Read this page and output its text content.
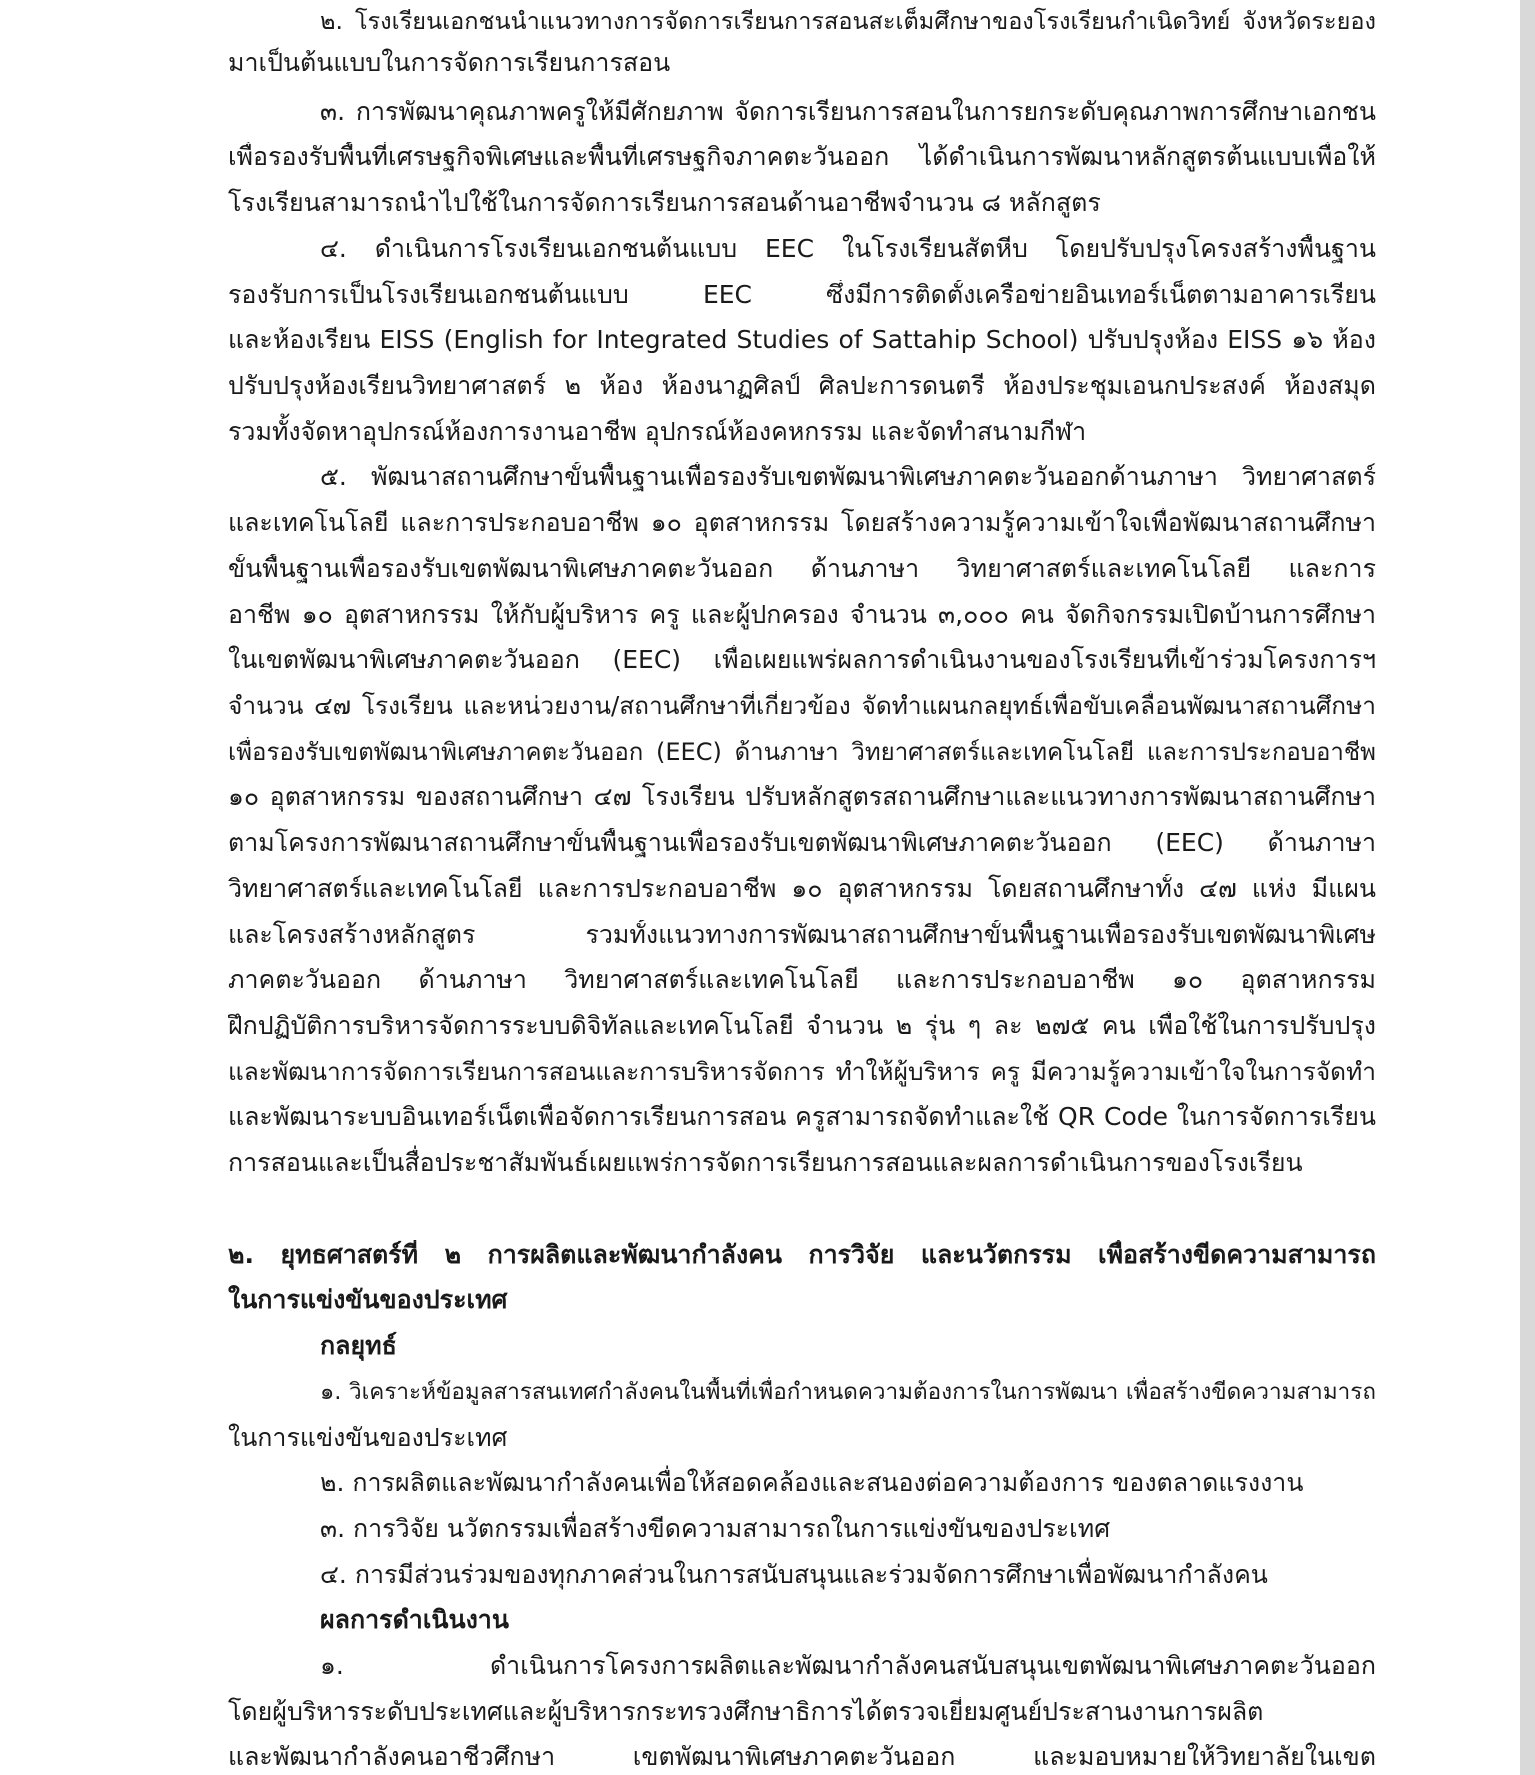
๒. โรงเรียนเอกชนนำแนวทางการจัดการเรียนการสอนสะเต็มศึกษาของโรงเรียนกำเนิดวิทย์ จังหวัดระยอง
มาเป็นต้นแบบในการจัดการเรียนการสอน
๓. การพัฒนาคุณภาพครูให้มีศักยภาพ จัดการเรียนการสอนในการยกระดับคุณภาพการศึกษาเอกชน
เพื่อรองรับพื้นที่เศรษฐกิจพิเศษและพื้นที่เศรษฐกิจภาคตะวันออก ได้ดำเนินการพัฒนาหลักสูตรต้นแบบเพื่อให้
โรงเรียนสามารถนำไปใช้ในการจัดการเรียนการสอนด้านอาชีพจำนวน ๘ หลักสูตร
๔. ดำเนินการโรงเรียนเอกชนต้นแบบ EEC ในโรงเรียนสัตหีบ โดยปรับปรุงโครงสร้างพื้นฐาน
รองรับการเป็นโรงเรียนเอกชนต้นแบบ EEC ซึ่งมีการติดตั้งเครือข่ายอินเทอร์เน็ตตามอาคารเรียน
และห้องเรียน EISS (English for Integrated Studies of Sattahip School) ปรับปรุงห้อง EISS ๑๖ ห้อง
ปรับปรุงห้องเรียนวิทยาศาสตร์ ๒ ห้อง ห้องนาฏศิลป์ ศิลปะการดนตรี ห้องประชุมเอนกประสงค์ ห้องสมุด
รวมทั้งจัดหาอุปกรณ์ห้องการงานอาชีพ อุปกรณ์ห้องคหกรรม และจัดทำสนามกีฬา
๕. พัฒนาสถานศึกษาขั้นพื้นฐานเพื่อรองรับเขตพัฒนาพิเศษภาคตะวันออกด้านภาษา วิทยาศาสตร์
และเทคโนโลยี และการประกอบอาชีพ ๑๐ อุตสาหกรรม โดยสร้างความรู้ความเข้าใจเพื่อพัฒนาสถานศึกษา
ขั้นพื้นฐานเพื่อรองรับเขตพัฒนาพิเศษภาคตะวันออก ด้านภาษา วิทยาศาสตร์และเทคโนโลยี และการ
อาชีพ ๑๐ อุตสาหกรรม ให้กับผู้บริหาร ครู และผู้ปกครอง จำนวน ๓,๐๐๐ คน จัดกิจกรรมเปิดบ้านการศึกษา
ในเขตพัฒนาพิเศษภาคตะวันออก (EEC) เพื่อเผยแพร่ผลการดำเนินงานของโรงเรียนที่เข้าร่วมโครงการฯ
จำนวน ๔๗ โรงเรียน และหน่วยงาน/สถานศึกษาที่เกี่ยวข้อง จัดทำแผนกลยุทธ์เพื่อขับเคลื่อนพัฒนาสถานศึกษา
เพื่อรองรับเขตพัฒนาพิเศษภาคตะวันออก (EEC) ด้านภาษา วิทยาศาสตร์และเทคโนโลยี และการประกอบอาชีพ
๑๐ อุตสาหกรรม ของสถานศึกษา ๔๗ โรงเรียน ปรับหลักสูตรสถานศึกษาและแนวทางการพัฒนาสถานศึกษา
ตามโครงการพัฒนาสถานศึกษาขั้นพื้นฐานเพื่อรองรับเขตพัฒนาพิเศษภาคตะวันออก (EEC) ด้านภาษา
วิทยาศาสตร์และเทคโนโลยี และการประกอบอาชีพ ๑๐ อุตสาหกรรม โดยสถานศึกษาทั้ง ๔๗ แห่ง มีแผน
และโครงสร้างหลักสูตร รวมทั้งแนวทางการพัฒนาสถานศึกษาขั้นพื้นฐานเพื่อรองรับเขตพัฒนาพิเศษ
ภาคตะวันออก ด้านภาษา วิทยาศาสตร์และเทคโนโลยี และการประกอบอาชีพ ๑๐ อุตสาหกรรม
ฝึกปฏิบัติการบริหารจัดการระบบดิจิทัลและเทคโนโลยี จำนวน ๒ รุ่น ๆ ละ ๒๗๕ คน เพื่อใช้ในการปรับปรุง
และพัฒนาการจัดการเรียนการสอนและการบริหารจัดการ ทำให้ผู้บริหาร ครู มีความรู้ความเข้าใจในการจัดทำ
และพัฒนาระบบอินเทอร์เน็ตเพื่อจัดการเรียนการสอน ครูสามารถจัดทำและใช้ QR Code ในการจัดการเรียน
การสอนและเป็นสื่อประชาสัมพันธ์เผยแพร่การจัดการเรียนการสอนและผลการดำเนินการของโรงเรียน
๒. ยุทธศาสตร์ที่ ๒ การผลิตและพัฒนากำลังคน การวิจัย และนวัตกรรม เพื่อสร้างขีดความสามารถ
ในการแข่งขันของประเทศ
กลยุทธ์
๑. วิเคราะห์ข้อมูลสารสนเทศกำลังคนในพื้นที่เพื่อกำหนดความต้องการในการพัฒนา เพื่อสร้างขีดความสามารถ
ในการแข่งขันของประเทศ
๒. การผลิตและพัฒนากำลังคนเพื่อให้สอดคล้องและสนองต่อความต้องการ ของตลาดแรงงาน
๓. การวิจัย นวัตกรรมเพื่อสร้างขีดความสามารถในการแข่งขันของประเทศ
๔. การมีส่วนร่วมของทุกภาคส่วนในการสนับสนุนและร่วมจัดการศึกษาเพื่อพัฒนากำลังคน
ผลการดำเนินงาน
๑. ดำเนินการโครงการผลิตและพัฒนากำลังคนสนับสนุนเขตพัฒนาพิเศษภาคตะวันออก
โดยผู้บริหารระดับประเทศและผู้บริหารกระทรวงศึกษาธิการได้ตรวจเยี่ยมศูนย์ประสานงานการผลิต
และพัฒนากำลังคนอาชีวศึกษา เขตพัฒนาพิเศษภาคตะวันออก และมอบหมายให้วิทยาลัยในเขต
